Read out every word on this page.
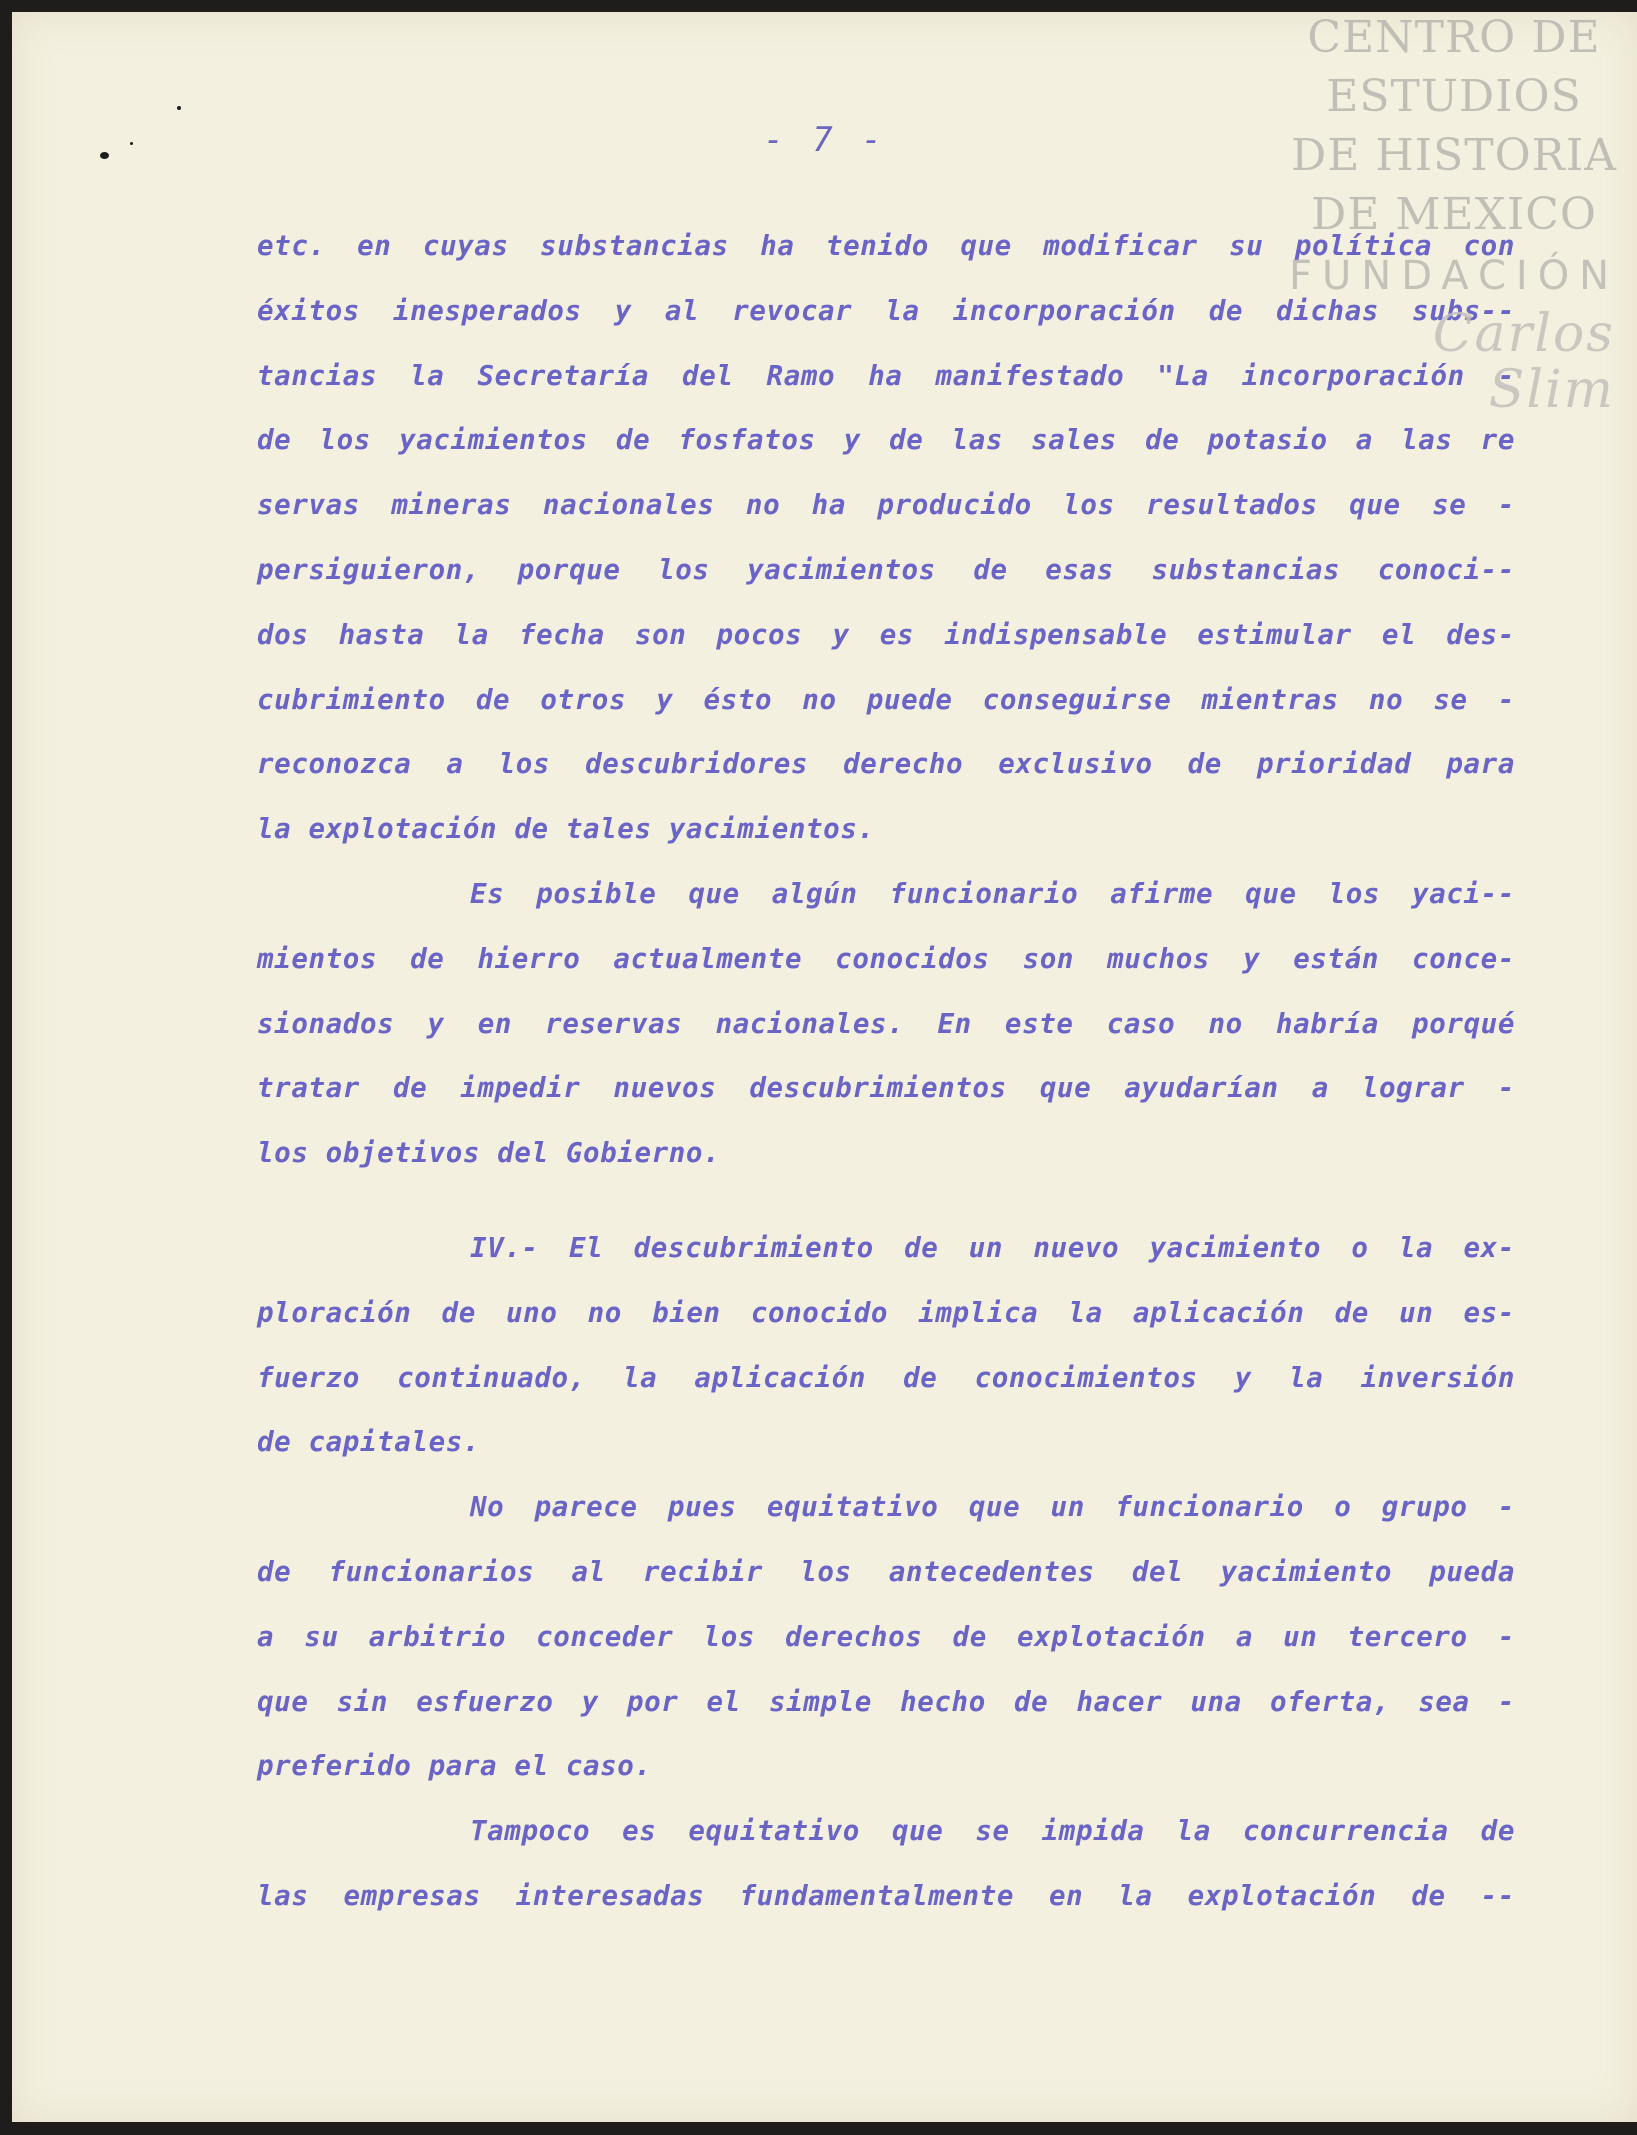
- 7 -
etc. en cuyas substancias ha tenido que modificar su política con
éxitos inesperados y al revocar la incorporación de dichas subs--
tancias la Secretaría del Ramo ha manifestado "La incorporación -
de los yacimientos de fosfatos y de las sales de potasio a las re
servas mineras nacionales no ha producido los resultados que se -
persiguieron, porque los yacimientos de esas substancias conoci--
dos hasta la fecha son pocos y es indispensable estimular el des-
cubrimiento de otros y ésto no puede conseguirse mientras no se -
reconozca a los descubridores derecho exclusivo de prioridad para
la explotación de tales yacimientos.
Es posible que algún funcionario afirme que los yaci--
mientos de hierro actualmente conocidos son muchos y están conce-
sionados y en reservas nacionales. En este caso no habría porqué
tratar de impedir nuevos descubrimientos que ayudarían a lograr -
los objetivos del Gobierno.
IV.- El descubrimiento de un nuevo yacimiento o la ex-
ploración de uno no bien conocido implica la aplicación de un es-
fuerzo continuado, la aplicación de conocimientos y la inversión
de capitales.
No parece pues equitativo que un funcionario o grupo -
de funcionarios al recibir los antecedentes del yacimiento pueda
a su arbitrio conceder los derechos de explotación a un tercero -
que sin esfuerzo y por el simple hecho de hacer una oferta, sea -
preferido para el caso.
Tampoco es equitativo que se impida la concurrencia de
las empresas interesadas fundamentalmente en la explotación de --
CENTRO DE
ESTUDIOS
DE HISTORIA
DE MEXICO
FUNDACIÓN
Carlos Slim
